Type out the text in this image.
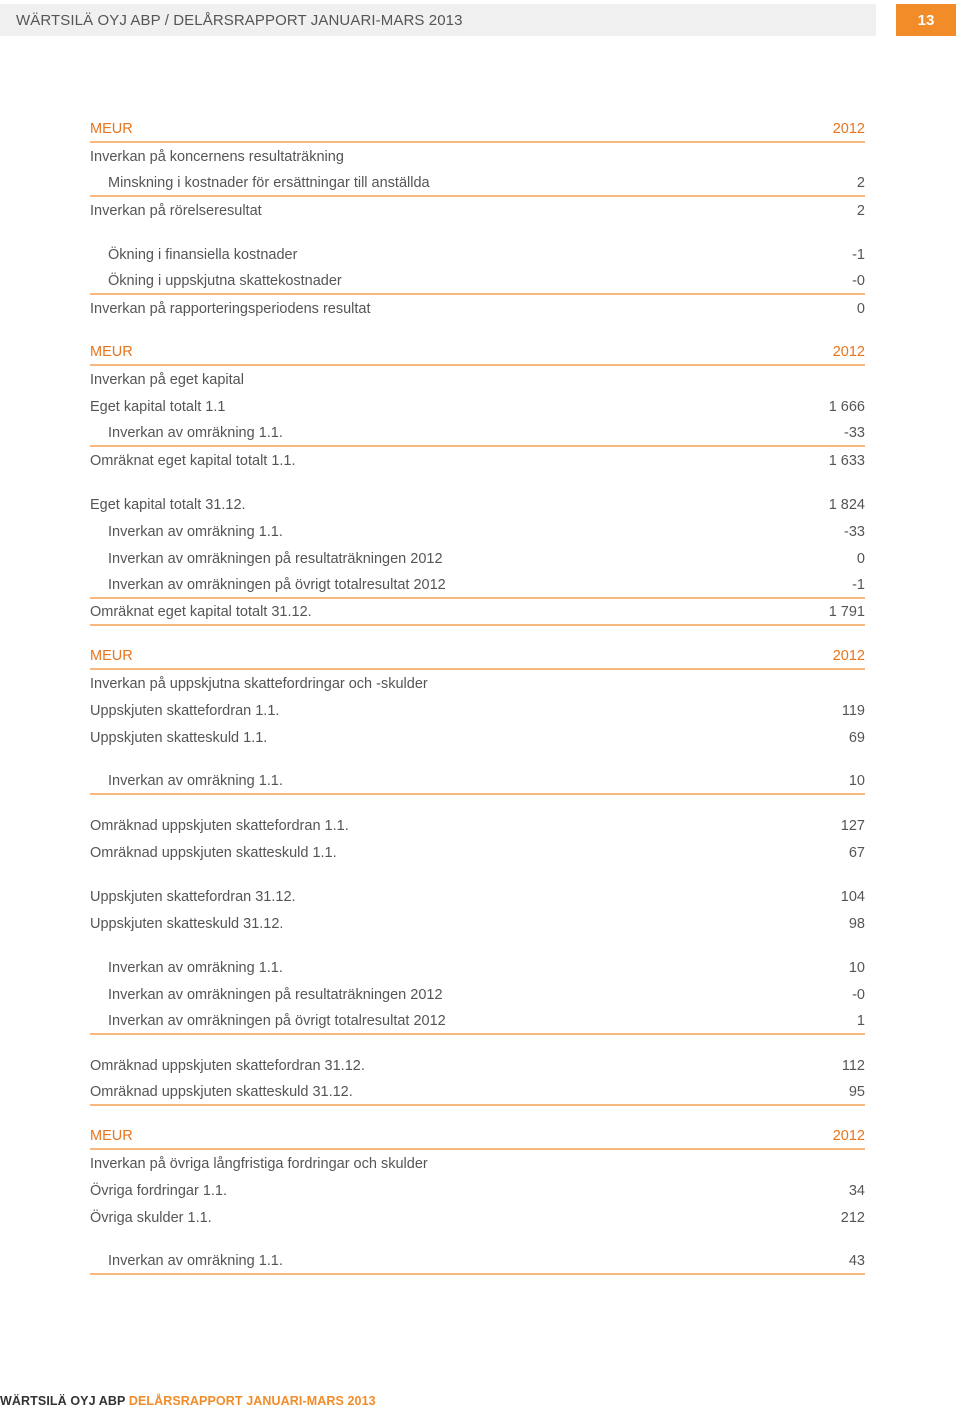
WÄRTSILÄ OYJ ABP / DELÅRSRAPPORT JANUARI-MARS 2013	13
MEUR	2012
Inverkan på koncernens resultaträkning
Minskning i kostnader för ersättningar till anställda	2
Inverkan på rörelseresultat	2
Ökning i finansiella kostnader	-1
Ökning i uppskjutna skattekostnader	-0
Inverkan på rapporteringsperiodens resultat	0
MEUR	2012
Inverkan på eget kapital
Eget kapital totalt 1.1	1 666
Inverkan av omräkning 1.1.	-33
Omräknat eget kapital totalt 1.1.	1 633
Eget kapital totalt 31.12.	1 824
Inverkan av omräkning 1.1.	-33
Inverkan av omräkningen på resultaträkningen 2012	0
Inverkan av omräkningen på övrigt totalresultat 2012	-1
Omräknat eget kapital totalt 31.12.	1 791
MEUR	2012
Inverkan på uppskjutna skattefordringar och -skulder
Uppskjuten skattefordran 1.1.	119
Uppskjuten skatteskuld 1.1.	69
Inverkan av omräkning 1.1.	10
Omräknad uppskjuten skattefordran 1.1.	127
Omräknad uppskjuten skatteskuld 1.1.	67
Uppskjuten skattefordran 31.12.	104
Uppskjuten skatteskuld 31.12.	98
Inverkan av omräkning 1.1.	10
Inverkan av omräkningen på resultaträkningen 2012	-0
Inverkan av omräkningen på övrigt totalresultat 2012	1
Omräknad uppskjuten skattefordran 31.12.	112
Omräknad uppskjuten skatteskuld 31.12.	95
MEUR	2012
Inverkan på övriga långfristiga fordringar och skulder
Övriga fordringar 1.1.	34
Övriga skulder 1.1.	212
Inverkan av omräkning 1.1.	43
WÄRTSILÄ OYJ ABP DELÅRSRAPPORT JANUARI-MARS 2013
